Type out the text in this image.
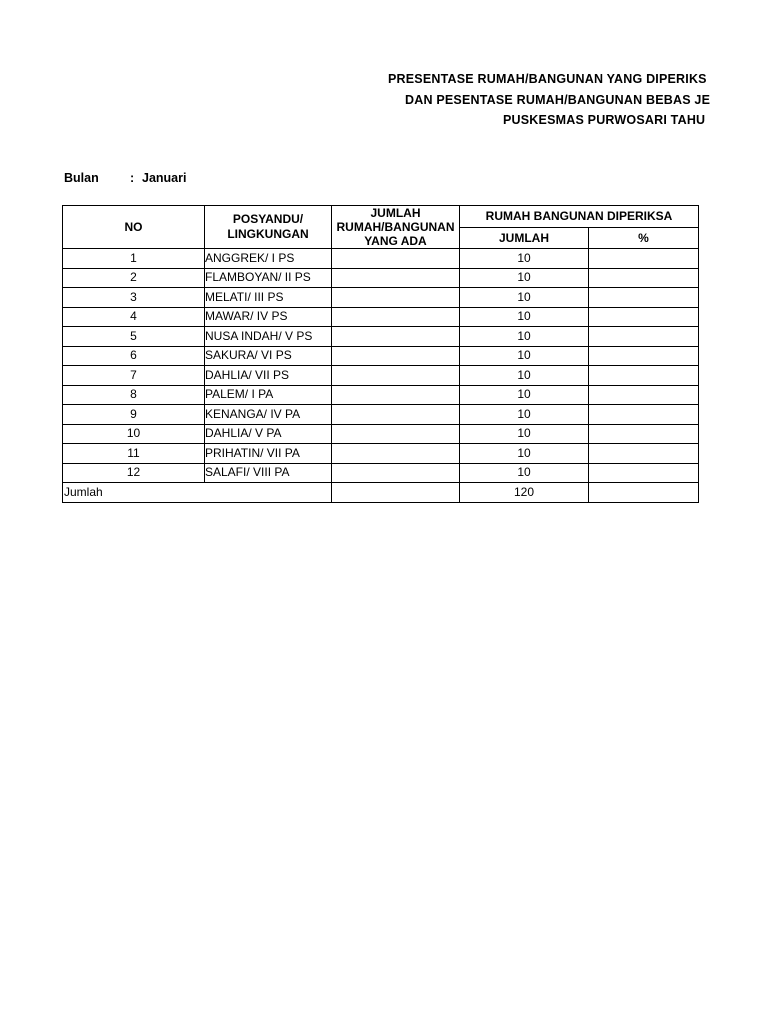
PRESENTASE RUMAH/BANGUNAN YANG DIPERIKS
DAN PESENTASE RUMAH/BANGUNAN BEBAS JE
PUSKESMAS PURWOSARI TAHU
Bulan	: Januari
NO	POSYANDU/ LINGKUNGAN	JUMLAH
RUMAH/BANGUNAN
YANG ADA	RUMAH BANGUNAN DIPERIKSA	
			JUMLAH	%
1	ANGGREK/ I PS		10	
2	FLAMBOYAN/ II PS		10	
3	MELATI/ III PS		10	
4	MAWAR/ IV PS		10	
5	NUSA INDAH/ V PS		10	
6	SAKURA/ VI PS		10	
7	DAHLIA/ VII PS		10	
8	PALEM/ I PA		10	
9	KENANGA/ IV PA		10	
10	DAHLIA/ V PA		10	
11	PRIHATIN/ VII PA		10	
12	SALAFI/ VIII PA		10	
Jumlah			120	
